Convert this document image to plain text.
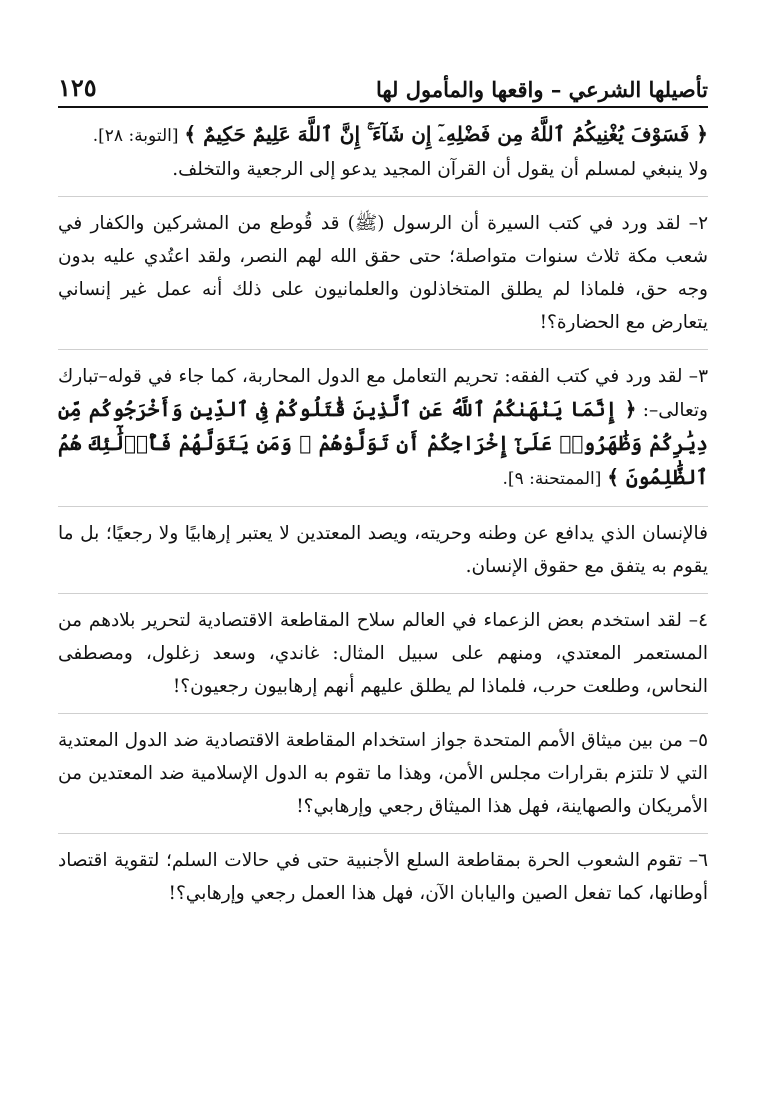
تأصيلها الشرعي – واقعها والمأمول لها
١٢٥

﴿ فَسَوْفَ يُغْنِيكُمُ ٱللَّهُ مِن فَضْلِهِۦٓ إِن شَآءَ ۚ إِنَّ ٱللَّهَ عَلِيمٌ حَكِيمٌ ﴾ [التوبة: ٢٨].

ولا ينبغي لمسلم أن يقول أن القرآن المجيد يدعو إلى الرجعية والتخلف.

٢– لقد ورد في كتب السيرة أن الرسول (ﷺ) قد قُوطع من المشركين والكفار في شعب مكة ثلاث سنوات متواصلة؛ حتى حقق الله لهم النصر، ولقد اعتُدي عليه بدون وجه حق، فلماذا لم يطلق المتخاذلون والعلمانيون على ذلك أنه عمل غير إنساني يتعارض مع الحضارة؟!

٣– لقد ورد في كتب الفقه: تحريم التعامل مع الدول المحاربة، كما جاء في قوله–تبارك وتعالى–: ﴿ إِنَّمَا يَنْهَىٰكُمُ ٱللَّهُ عَنِ ٱلَّذِينَ قَٰتَلُوكُمْ فِى ٱلدِّينِ وَأَخْرَجُوكُم مِّن دِيَٰرِكُمْ وَظَٰهَرُوا۟ عَلَىٰٓ إِخْرَاجِكُمْ أَن تَوَلَّوْهُمْ ۚ وَمَن يَتَوَلَّهُمْ فَأُو۟لَٰٓئِكَ هُمُ ٱلظَّٰلِمُونَ ﴾ [الممتحنة: ٩].

فالإنسان الذي يدافع عن وطنه وحريته، ويصد المعتدين لا يعتبر إرهابيًا ولا رجعيًا؛ بل ما يقوم به يتفق مع حقوق الإنسان.

٤– لقد استخدم بعض الزعماء في العالم سلاح المقاطعة الاقتصادية لتحرير بلادهم من المستعمر المعتدي، ومنهم على سبيل المثال: غاندي، وسعد زغلول، ومصطفى النحاس، وطلعت حرب، فلماذا لم يطلق عليهم أنهم إرهابيون رجعيون؟!

٥– من بين ميثاق الأمم المتحدة جواز استخدام المقاطعة الاقتصادية ضد الدول المعتدية التي لا تلتزم بقرارات مجلس الأمن، وهذا ما تقوم به الدول الإسلامية ضد المعتدين من الأمريكان والصهاينة، فهل هذا الميثاق رجعي وإرهابي؟!

٦– تقوم الشعوب الحرة بمقاطعة السلع الأجنبية حتى في حالات السلم؛ لتقوية اقتصاد أوطانها، كما تفعل الصين واليابان الآن، فهل هذا العمل رجعي وإرهابي؟!
